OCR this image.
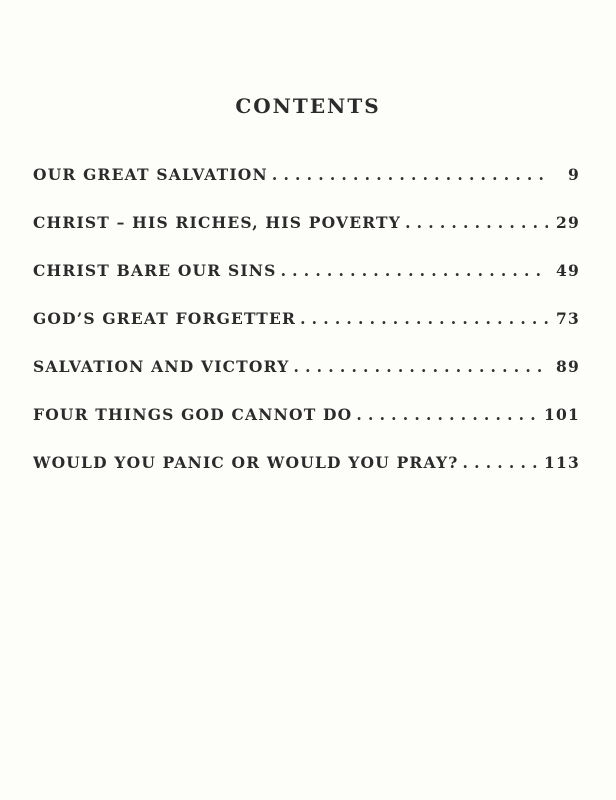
CONTENTS
OUR GREAT SALVATION . . .	9
CHRIST – HIS RICHES, HIS POVERTY . . .	29
CHRIST BARE OUR SINS . . .	49
GOD’S GREAT FORGETTER . . .	73
SALVATION AND VICTORY . . .	89
FOUR THINGS GOD CANNOT DO . . .	101
WOULD YOU PANIC OR WOULD YOU PRAY? . . .	113
